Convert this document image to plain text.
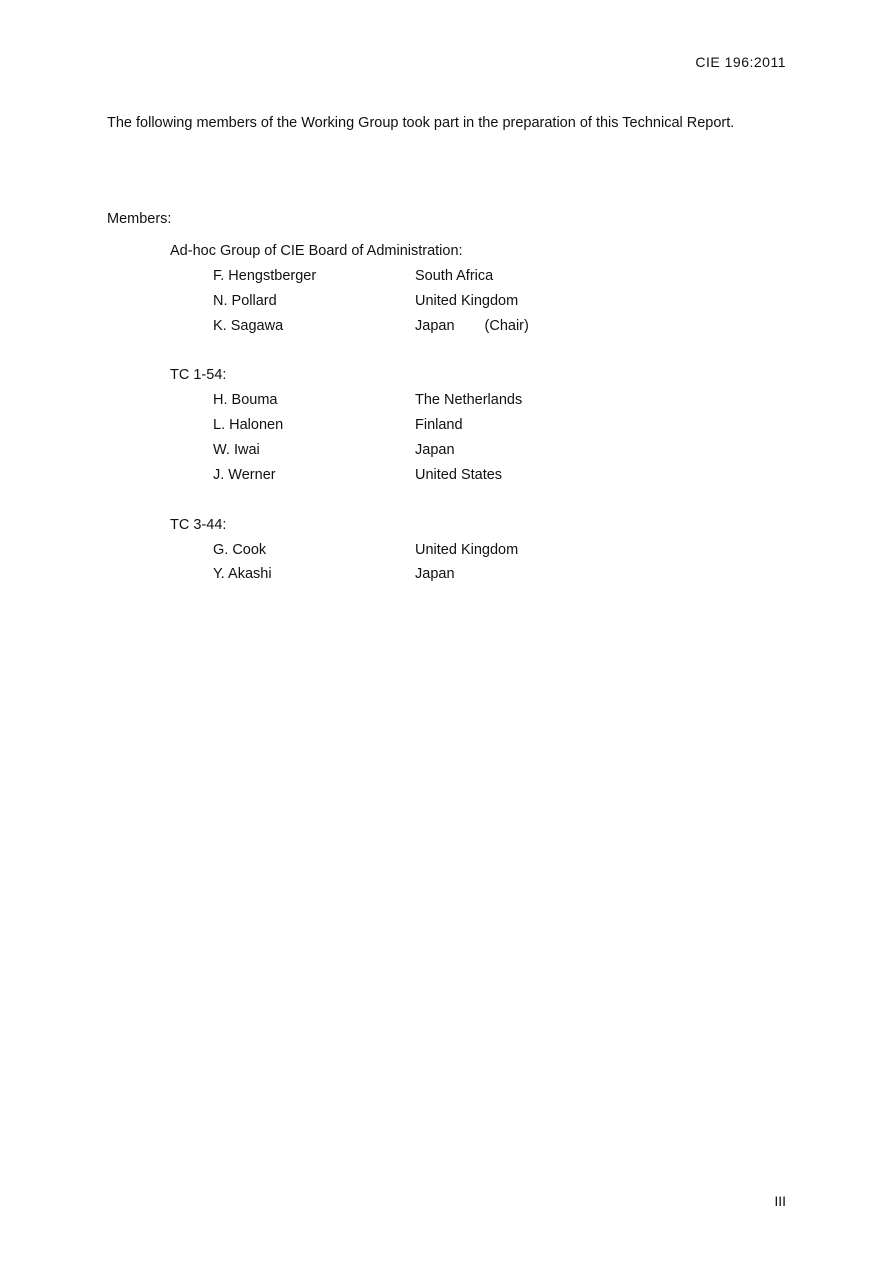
CIE 196:2011
The following members of the Working Group took part in the preparation of this Technical Report.
Members:
Ad-hoc Group of CIE Board of Administration:
F. Hengstberger	South Africa
N. Pollard	United Kingdom
K. Sagawa	Japan (Chair)
TC 1-54:
H. Bouma	The Netherlands
L. Halonen	Finland
W. Iwai	Japan
J. Werner	United States
TC 3-44:
G. Cook	United Kingdom
Y. Akashi	Japan
III
